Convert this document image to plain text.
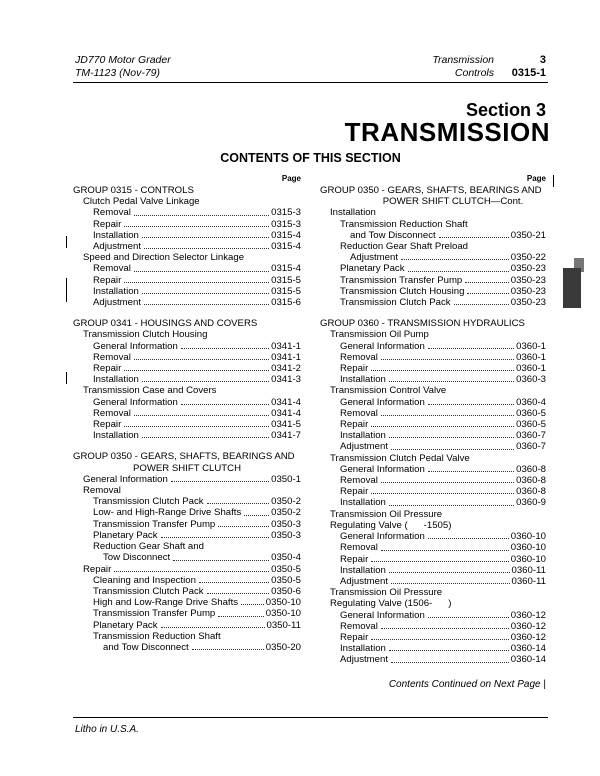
JD770 Motor Grader
TM-1123 (Nov-79)
Transmission
Controls
3
0315-1
Section 3
TRANSMISSION
CONTENTS OF THIS SECTION
Page
GROUP 0315 - CONTROLS
Clutch Pedal Valve Linkage
Removal	0315-3
Repair	0315-3
Installation	0315-4
Adjustment	0315-4
Speed and Direction Selector Linkage
Removal	0315-4
Repair	0315-5
Installation	0315-5
Adjustment	0315-6
GROUP 0341 - HOUSINGS AND COVERS
Transmission Clutch Housing
General Information	0341-1
Removal	0341-1
Repair	0341-2
Installation	0341-3
Transmission Case and Covers
General Information	0341-4
Removal	0341-4
Repair	0341-5
Installation	0341-7
GROUP 0350 - GEARS, SHAFTS, BEARINGS AND
POWER SHIFT CLUTCH
General Information	0350-1
Removal
Transmission Clutch Pack	0350-2
Low- and High-Range Drive Shafts	0350-2
Transmission Transfer Pump	0350-3
Planetary Pack	0350-3
Reduction Gear Shaft and
Tow Disconnect	0350-4
Repair	0350-5
Cleaning and Inspection	0350-5
Transmission Clutch Pack	0350-6
High and Low-Range Drive Shafts	0350-10
Transmission Transfer Pump	0350-10
Planetary Pack	0350-11
Transmission Reduction Shaft
and Tow Disconnect	0350-20
Page
GROUP 0350 - GEARS, SHAFTS, BEARINGS AND
POWER SHIFT CLUTCH—Cont.
Installation
Transmission Reduction Shaft
and Tow Disconnect	0350-21
Reduction Gear Shaft Preload
Adjustment	0350-22
Planetary Pack	0350-23
Transmission Transfer Pump	0350-23
Transmission Clutch Housing	0350-23
Transmission Clutch Pack	0350-23
GROUP 0360 - TRANSMISSION HYDRAULICS
Transmission Oil Pump
General Information	0360-1
Removal	0360-1
Repair	0360-1
Installation	0360-3
Transmission Control Valve
General Information	0360-4
Removal	0360-5
Repair	0360-5
Installation	0360-7
Adjustment	0360-7
Transmission Clutch Pedal Valve
General Information	0360-8
Removal	0360-8
Repair	0360-8
Installation	0360-9
Transmission Oil Pressure
Regulating Valve (      -1505)
General Information	0360-10
Removal	0360-10
Repair	0360-10
Installation	0360-11
Adjustment	0360-11
Transmission Oil Pressure
Regulating Valve (1506-      )
General Information	0360-12
Removal	0360-12
Repair	0360-12
Installation	0360-14
Adjustment	0360-14
Contents Continued on Next Page |
Litho in U.S.A.
